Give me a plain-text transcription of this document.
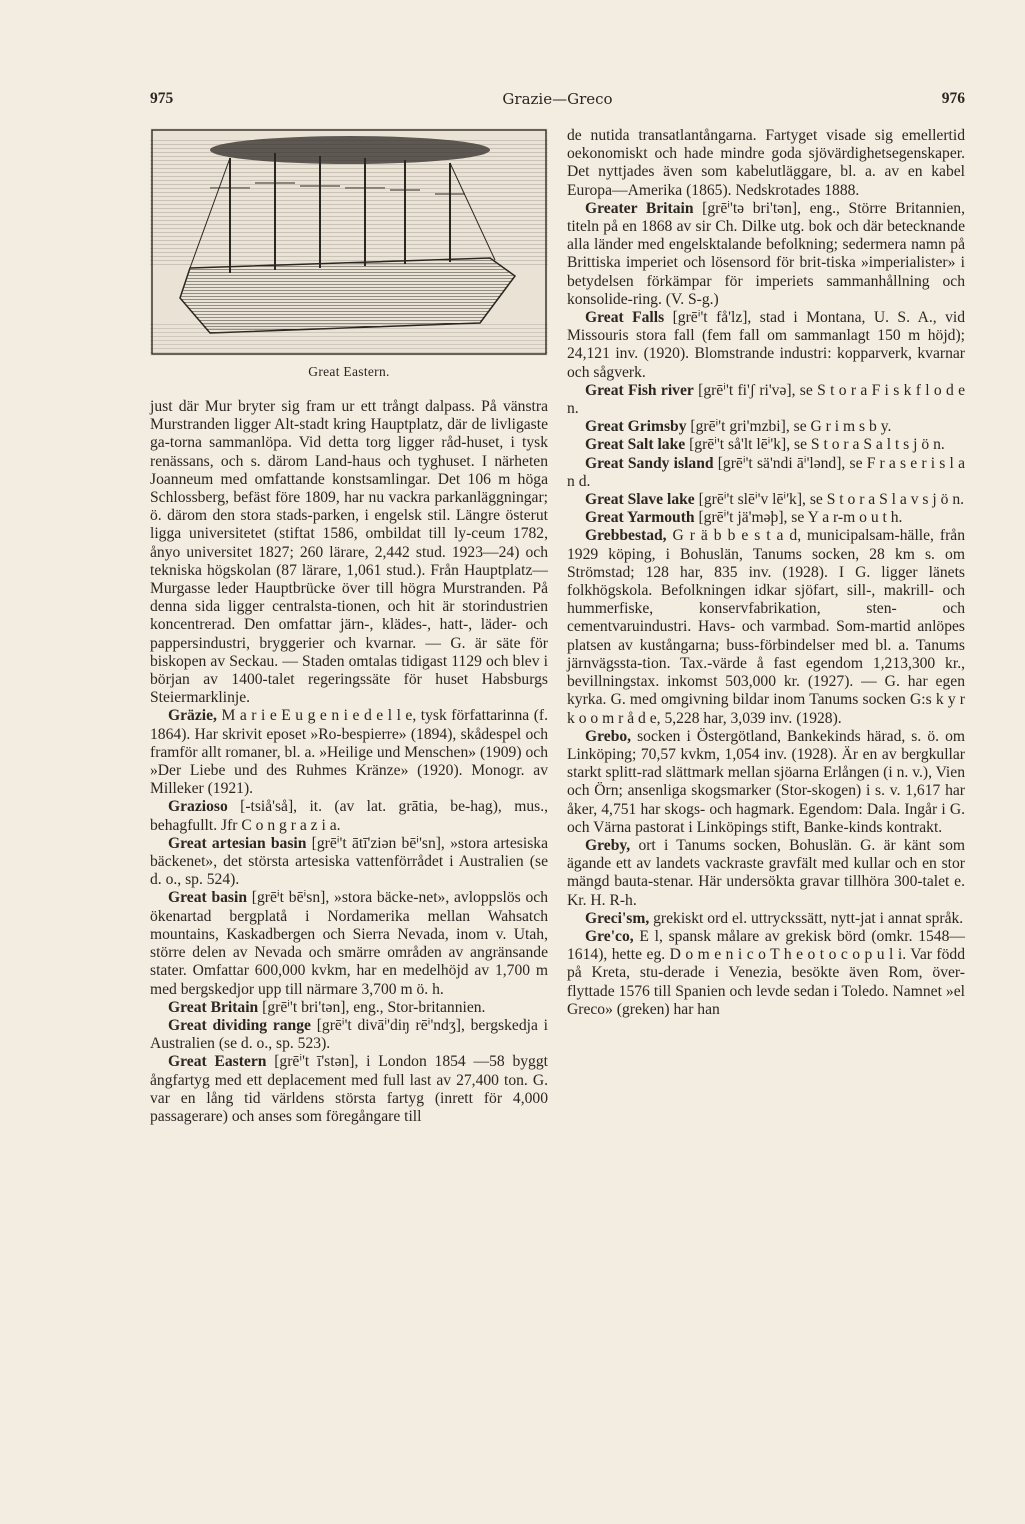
975	Grazie—Greco	976
Great Eastern.

just där Mur bryter sig fram ur ett trångt dalpass. På vänstra Murstranden ligger Alt-stadt kring Hauptplatz, där de livligaste ga-torna sammanlöpa. Vid detta torg ligger råd-huset, i tysk renässans, och s. därom Land-haus och tyghuset. I närheten Joanneum med omfattande konstsamlingar. Det 106 m höga Schlossberg, befäst före 1809, har nu vackra parkanläggningar; ö. därom den stora stads-parken, i engelsk stil. Längre österut ligga universitetet (stiftat 1586, ombildat till ly-ceum 1782, ånyo universitet 1827; 260 lärare, 2,442 stud. 1923—24) och tekniska högskolan (87 lärare, 1,061 stud.). Från Hauptplatz—Murgasse leder Hauptbrücke över till högra Murstranden. På denna sida ligger centralsta-tionen, och hit är storindustrien koncentrerad. Den omfattar järn-, klädes-, hatt-, läder- och pappersindustri, bryggerier och kvarnar. — G. är säte för biskopen av Seckau. — Staden omtalas tidigast 1129 och blev i början av 1400-talet regeringssäte för huset Habsburgs Steiermarklinje.

Gräzie, M a r i e E u g e n i e d e l l e, tysk författarinna (f. 1864). Har skrivit eposet »Ro-bespierre» (1894), skådespel och framför allt romaner, bl. a. »Heilige und Menschen» (1909) och »Der Liebe und des Ruhmes Kränze» (1920). Monogr. av Milleker (1921).

Grazioso [-tsiå'så], it. (av lat. grātia, be-hag), mus., behagfullt. Jfr C o n g r a z i a.

Great artesian basin [grēⁱ't ātī'ziən bēⁱ'sn], »stora artesiska bäckenet», det största artesiska vattenförrådet i Australien (se d. o., sp. 524).

Great basin [grēⁱt bēⁱsn], »stora bäcke-net», avloppslös och ökenartad bergplatå i Nordamerika mellan Wahsatch mountains, Kaskadbergen och Sierra Nevada, inom v. Utah, större delen av Nevada och smärre områden av angränsande stater. Omfattar 600,000 kvkm, har en medelhöjd av 1,700 m med bergskedjor upp till närmare 3,700 m ö. h.

Great Britain [grēⁱ't bri'tən], eng., Stor-britannien.

Great dividing range [grēⁱ't divāⁱ'diŋ rēⁱ'ndʒ], bergskedja i Australien (se d. o., sp. 523).

Great Eastern [grēⁱ't ī'stən], i London 1854 —58 byggt ångfartyg med ett deplacement med full last av 27,400 ton. G. var en lång tid världens största fartyg (inrett för 4,000 passagerare) och anses som föregångare till

de nutida transatlantångarna. Fartyget visade sig emellertid oekonomiskt och hade mindre goda sjövärdighetsegenskaper. Det nyttjades även som kabelutläggare, bl. a. av en kabel Europa—Amerika (1865). Nedskrotades 1888.

Greater Britain [grēⁱ'tə bri'tən], eng., Större Britannien, titeln på en 1868 av sir Ch. Dilke utg. bok och där betecknande alla länder med engelsktalande befolkning; sedermera namn på Brittiska imperiet och lösensord för brit-tiska »imperialister» i betydelsen förkämpar för imperiets sammanhållning och konsolide-ring. (V. S-g.)

Great Falls [grēⁱ't få'lz], stad i Montana, U. S. A., vid Missouris stora fall (fem fall om sammanlagt 150 m höjd); 24,121 inv. (1920). Blomstrande industri: kopparverk, kvarnar och sågverk.

Great Fish river [grēⁱ't fi'ʃ ri'və], se S t o r a F i s k f l o d e n.

Great Grimsby [grēⁱ't gri'mzbi], se G r i m s b y.

Great Salt lake [grēⁱ't så'lt lēⁱ'k], se S t o r a S a l t s j ö n.

Great Sandy island [grēⁱ't sä'ndi āⁱ'lənd], se F r a s e r i s l a n d.

Great Slave lake [grēⁱ't slēⁱ'v lēⁱ'k], se S t o r a S l a v s j ö n.

Great Yarmouth [grēⁱ't jä'məþ], se Y a r-m o u t h.

Grebbestad, G r ä b b e s t a d, municipalsam-hälle, från 1929 köping, i Bohuslän, Tanums socken, 28 km s. om Strömstad; 128 har, 835 inv. (1928). I G. ligger länets folkhögskola. Befolkningen idkar sjöfart, sill-, makrill- och hummerfiske, konservfabrikation, sten- och cementvaruindustri. Havs- och varmbad. Som-martid anlöpes platsen av kustångarna; buss-förbindelser med bl. a. Tanums järnvägssta-tion. Tax.-värde å fast egendom 1,213,300 kr., bevillningstax. inkomst 503,000 kr. (1927). — G. har egen kyrka. G. med omgivning bildar inom Tanums socken G:s k y r k o o m r å d e, 5,228 har, 3,039 inv. (1928).

Grebo, socken i Östergötland, Bankekinds härad, s. ö. om Linköping; 70,57 kvkm, 1,054 inv. (1928). Är en av bergkullar starkt splitt-rad slättmark mellan sjöarna Erlången (i n. v.), Vien och Örn; ansenliga skogsmarker (Stor-skogen) i s. v. 1,617 har åker, 4,751 har skogs- och hagmark. Egendom: Dala. Ingår i G. och Värna pastorat i Linköpings stift, Banke-kinds kontrakt.

Greby, ort i Tanums socken, Bohuslän. G. är känt som ägande ett av landets vackraste gravfält med kullar och en stor mängd bauta-stenar. Här undersökta gravar tillhöra 300-talet e. Kr. H. R-h.

Greci'sm, grekiskt ord el. uttryckssätt, nytt-jat i annat språk.

Gre'co, E l, spansk målare av grekisk börd (omkr. 1548—1614), hette eg. D o m e n i c o T h e o t o c o p u l i. Var född på Kreta, stu-derade i Venezia, besökte även Rom, över-flyttade 1576 till Spanien och levde sedan i Toledo. Namnet »el Greco» (greken) har han
